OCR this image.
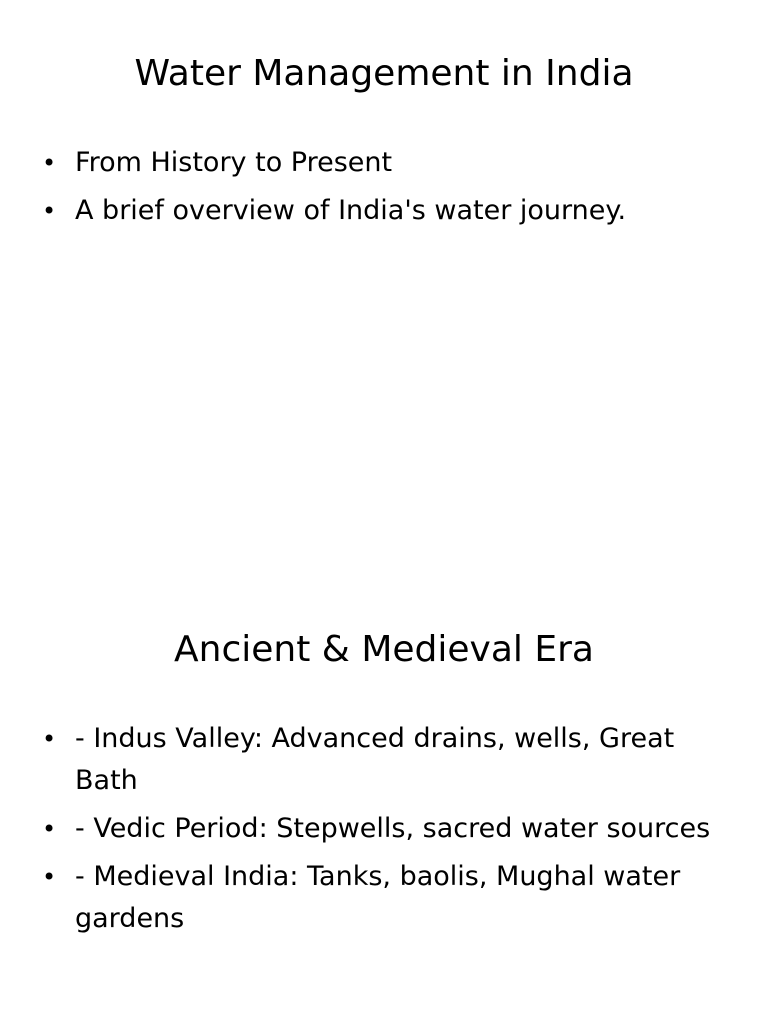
Water Management in India
• From History to Present
• A brief overview of India's water journey.
Ancient & Medieval Era
• - Indus Valley: Advanced drains, wells, Great Bath
• - Vedic Period: Stepwells, sacred water sources
• - Medieval India: Tanks, baolis, Mughal water gardens
